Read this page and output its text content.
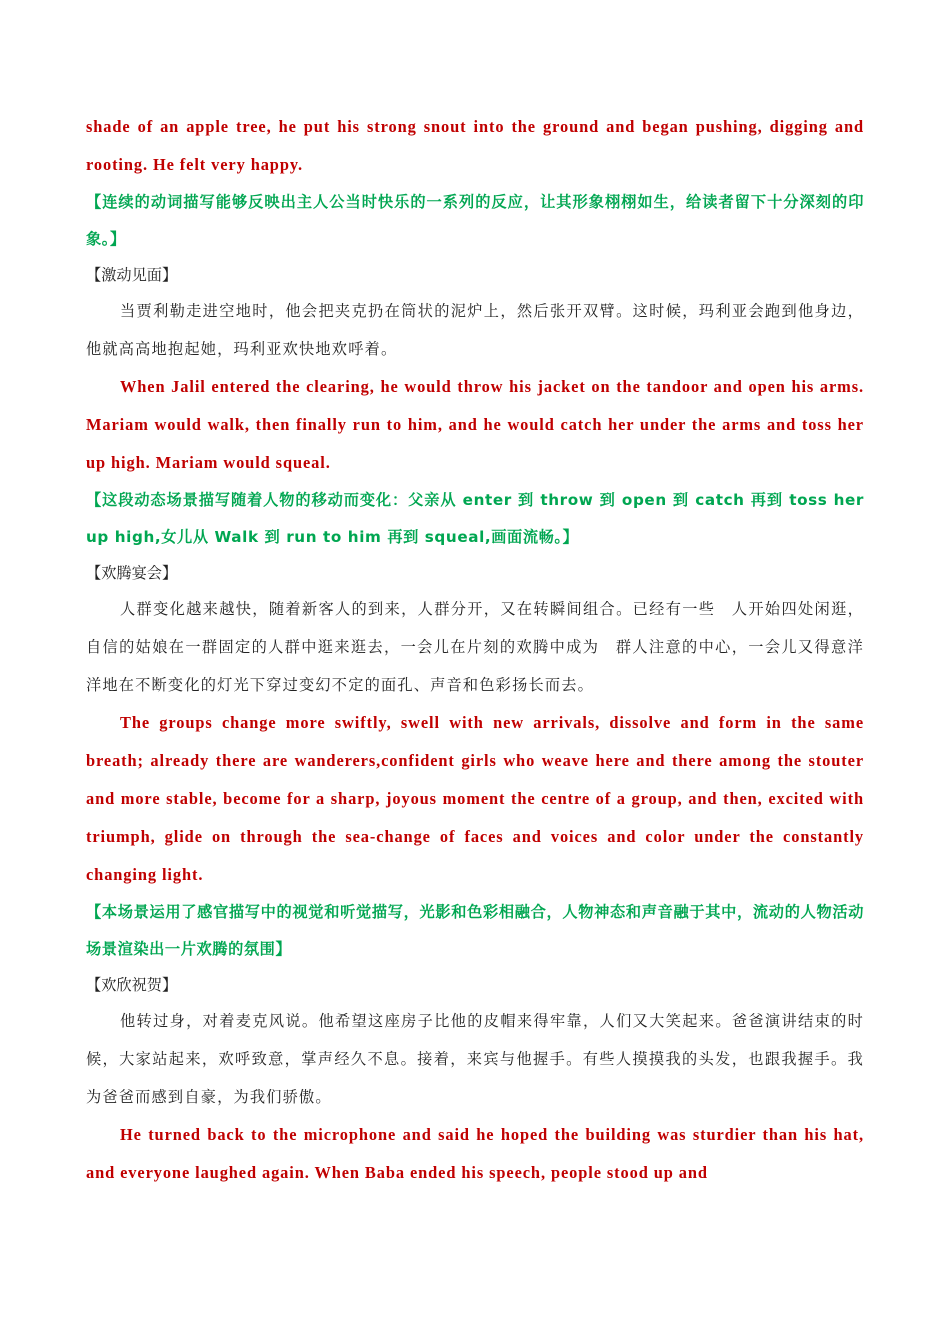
shade of an apple tree, he put his strong snout into the ground and began pushing, digging and rooting. He felt very happy.

【连续的动词描写能够反映出主人公当时快乐的一系列的反应，让其形象栩栩如生，给读者留下十分深刻的印象。】

【激动见面】

当贾利勒走进空地时，他会把夹克扔在筒状的泥炉上，然后张开双臂。这时候，玛利亚会跑到他身边，他就高高地抱起她，玛利亚欢快地欢呼着。

When Jalil entered the clearing, he would throw his jacket on the tandoor and open his arms. Mariam would walk, then finally run to him, and he would catch her under the arms and toss her up high. Mariam would squeal.

【这段动态场景描写随着人物的移动而变化：父亲从 enter 到 throw 到 open 到 catch 再到 toss her up high,女儿从 Walk 到 run to him 再到 squeal,画面流畅。】

【欢腾宴会】

人群变化越来越快，随着新客人的到来，人群分开，又在转瞬间组合。已经有一些　人开始四处闲逛，自信的姑娘在一群固定的人群中逛来逛去，一会儿在片刻的欢腾中成为　群人注意的中心，一会儿又得意洋洋地在不断变化的灯光下穿过变幻不定的面孔、声音和色彩扬长而去。

The groups change more swiftly, swell with new arrivals, dissolve and form in the same breath; already there are wanderers,confident girls who weave here and there among the stouter and more stable, become for a sharp, joyous moment the centre of a group, and then, excited with triumph, glide on through the sea-change of faces and voices and color under the constantly changing light.

【本场景运用了感官描写中的视觉和听觉描写，光影和色彩相融合，人物神态和声音融于其中，流动的人物活动场景渲染出一片欢腾的氛围】

【欢欣祝贺】

他转过身，对着麦克风说。他希望这座房子比他的皮帽来得牢靠，人们又大笑起来。爸爸演讲结束的时候，大家站起来，欢呼致意，掌声经久不息。接着，来宾与他握手。有些人摸摸我的头发，也跟我握手。我为爸爸而感到自豪，为我们骄傲。

He turned back to the microphone and said he hoped the building was sturdier than his hat, and everyone laughed again. When Baba ended his speech, people stood up and
